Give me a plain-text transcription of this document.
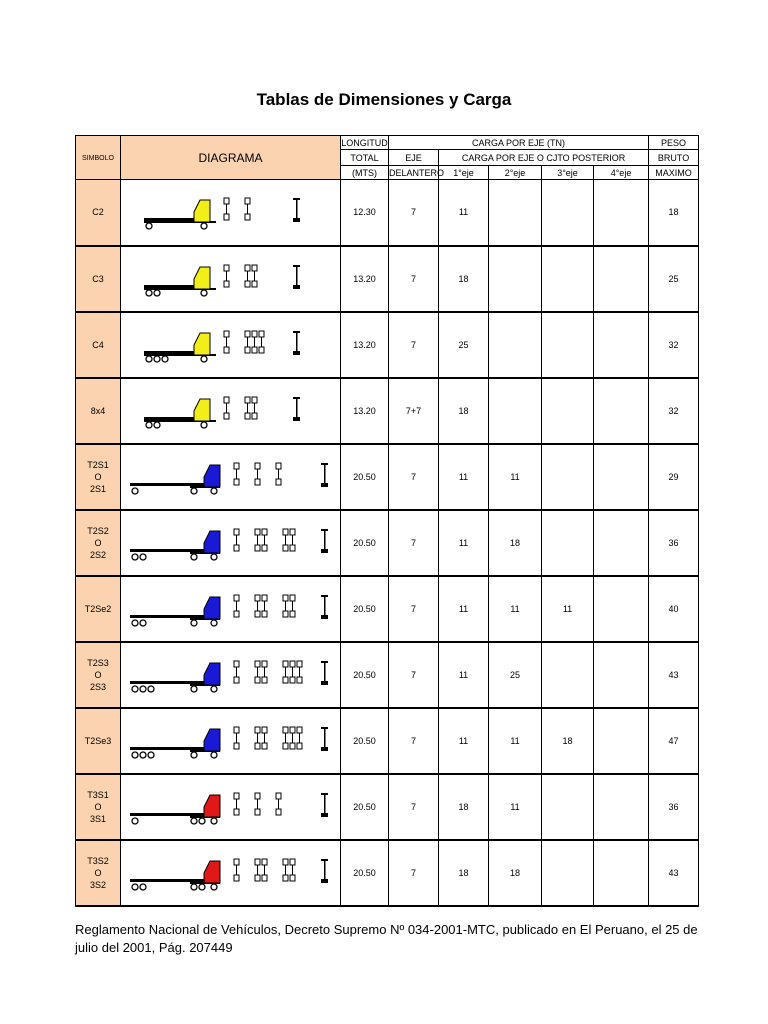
Tablas de Dimensiones y Carga
SIMBOLO	DIAGRAMA	LONGITUD	CARGA POR EJE (TN)					PESO
		TOTAL	EJE	CARGA POR EJE O CJTO POSTERIOR				BRUTO
		(MTS)	DELANTERO	1°eje	2°eje	3°eje	4°eje	MAXIMO

C2		12.30	7	11				18

C3		13.20	7	18				25

C4		13.20	7	25				32

8x4		13.20	7+7	18				32

T2S1
O
2S1		20.50	7	11	11			29

T2S2
O
2S2		20.50	7	11	18			36

T2Se2		20.50	7	11	11	11		40

T2S3
O
2S3		20.50	7	11	25			43

T2Se3		20.50	7	11	11	18		47

T3S1
O
3S1		20.50	7	18	11			36

T3S2
O
3S2		20.50	7	18	18			43
Reglamento Nacional de Vehículos, Decreto Supremo Nº 034-2001-MTC, publicado en El Peruano, el 25 de julio del 2001, Pág. 207449
